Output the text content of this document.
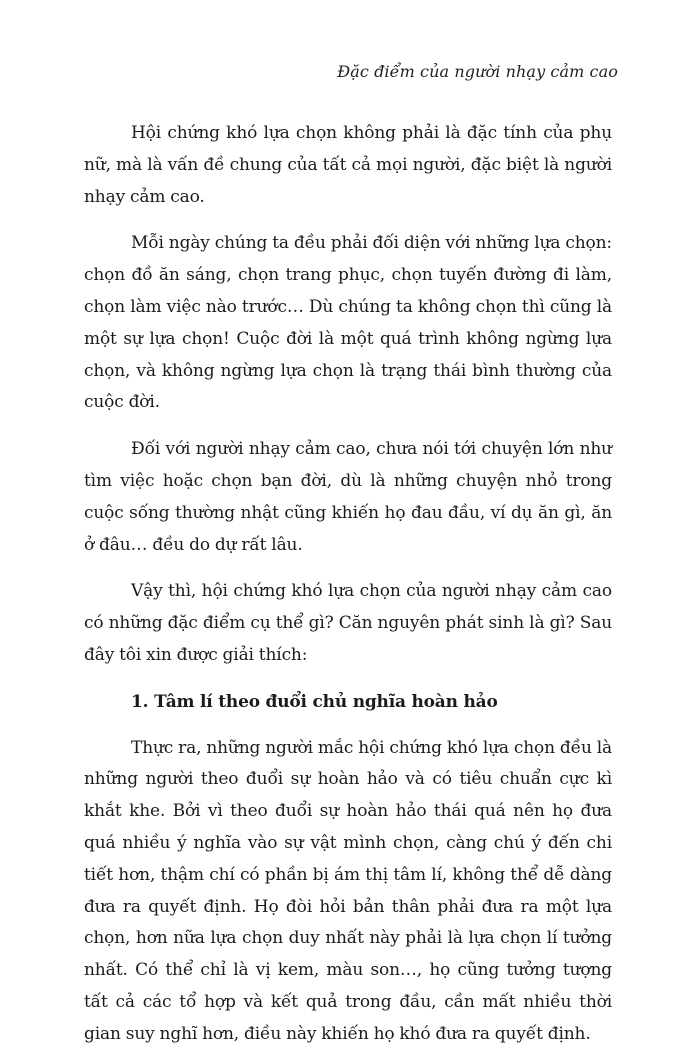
Đặc điểm của người nhạy cảm cao

Hội chứng khó lựa chọn không phải là đặc tính của phụ nữ, mà là vấn đề chung của tất cả mọi người, đặc biệt là người nhạy cảm cao.

Mỗi ngày chúng ta đều phải đối diện với những lựa chọn: chọn đồ ăn sáng, chọn trang phục, chọn tuyến đường đi làm, chọn làm việc nào trước… Dù chúng ta không chọn thì cũng là một sự lựa chọn! Cuộc đời là một quá trình không ngừng lựa chọn, và không ngừng lựa chọn là trạng thái bình thường của cuộc đời.

Đối với người nhạy cảm cao, chưa nói tới chuyện lớn như tìm việc hoặc chọn bạn đời, dù là những chuyện nhỏ trong cuộc sống thường nhật cũng khiến họ đau đầu, ví dụ ăn gì, ăn ở đâu… đều do dự rất lâu.

Vậy thì, hội chứng khó lựa chọn của người nhạy cảm cao có những đặc điểm cụ thể gì? Căn nguyên phát sinh là gì? Sau đây tôi xin được giải thích:

1. Tâm lí theo đuổi chủ nghĩa hoàn hảo

Thực ra, những người mắc hội chứng khó lựa chọn đều là những người theo đuổi sự hoàn hảo và có tiêu chuẩn cực kì khắt khe. Bởi vì theo đuổi sự hoàn hảo thái quá nên họ đưa quá nhiều ý nghĩa vào sự vật mình chọn, càng chú ý đến chi tiết hơn, thậm chí có phần bị ám thị tâm lí, không thể dễ dàng đưa ra quyết định. Họ đòi hỏi bản thân phải đưa ra một lựa chọn, hơn nữa lựa chọn duy nhất này phải là lựa chọn lí tưởng nhất. Có thể chỉ là vị kem, màu son…, họ cũng tưởng tượng tất cả các tổ hợp và kết quả trong đầu, cần mất nhiều thời gian suy nghĩ hơn, điều này khiến họ khó đưa ra quyết định.
